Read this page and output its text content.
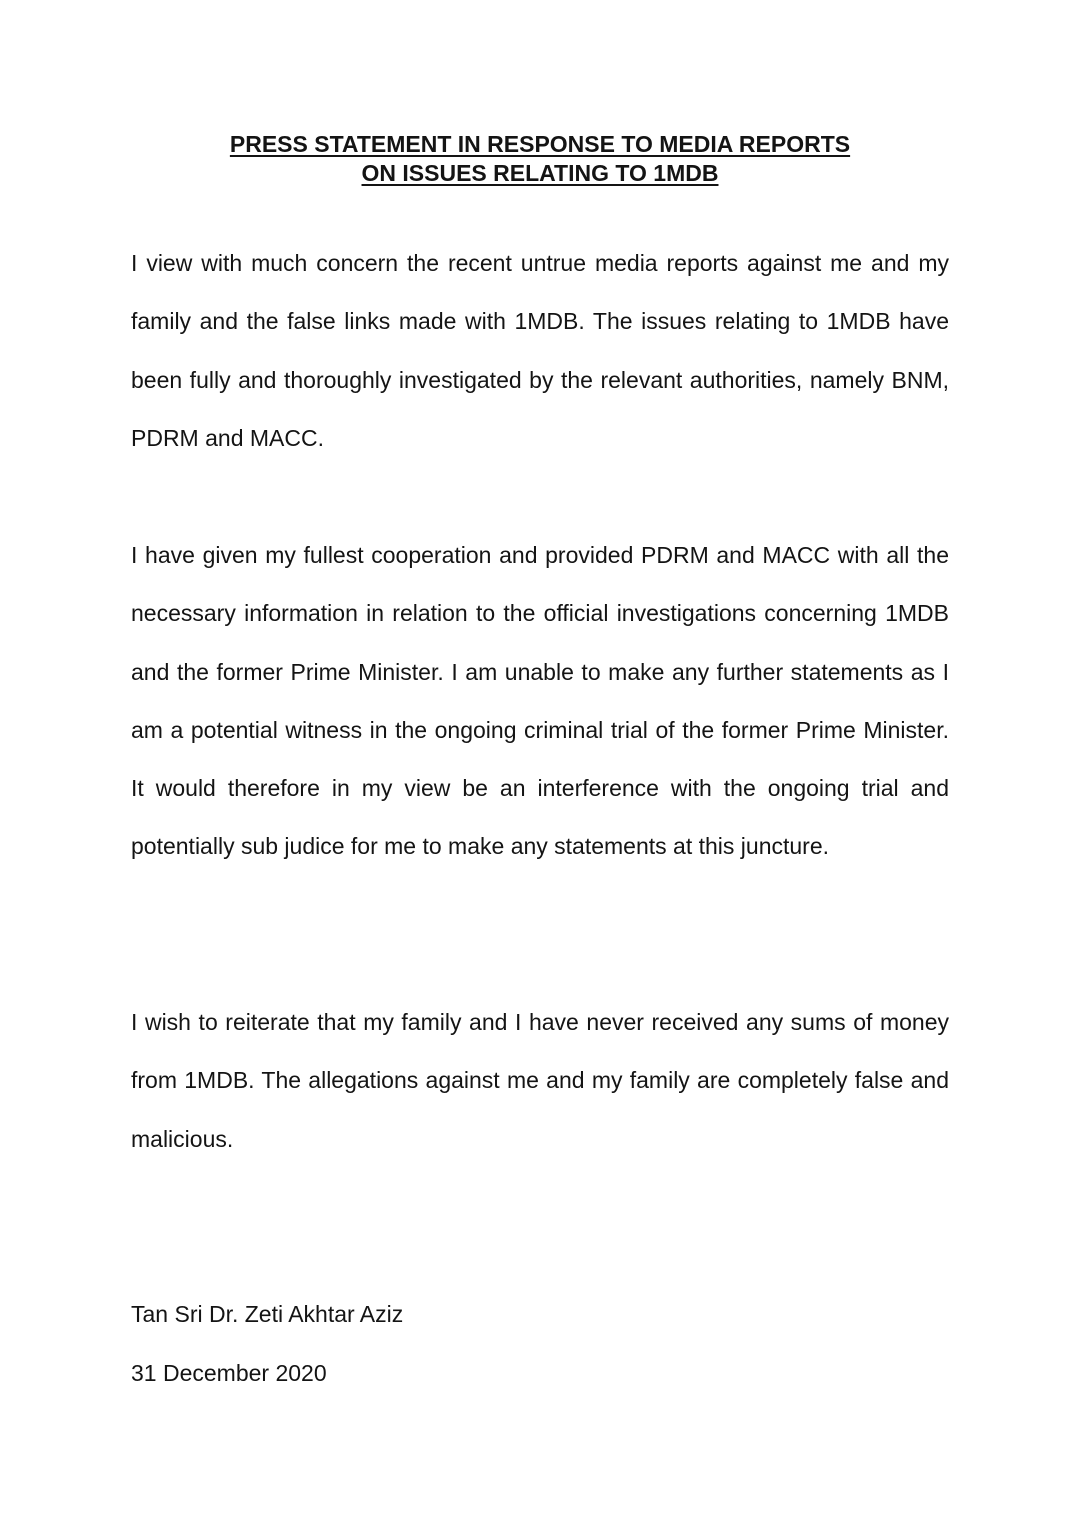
PRESS STATEMENT IN RESPONSE TO MEDIA REPORTS
ON ISSUES RELATING TO 1MDB

I view with much concern the recent untrue media reports against me and my family and the false links made with 1MDB. The issues relating to 1MDB have been fully and thoroughly investigated by the relevant authorities, namely BNM, PDRM and MACC.

I have given my fullest cooperation and provided PDRM and MACC with all the necessary information in relation to the official investigations concerning 1MDB and the former Prime Minister. I am unable to make any further statements as I am a potential witness in the ongoing criminal trial of the former Prime Minister. It would therefore in my view be an interference with the ongoing trial and potentially sub judice for me to make any statements at this juncture.

I wish to reiterate that my family and I have never received any sums of money from 1MDB. The allegations against me and my family are completely false and malicious.

Tan Sri Dr. Zeti Akhtar Aziz
31 December 2020
